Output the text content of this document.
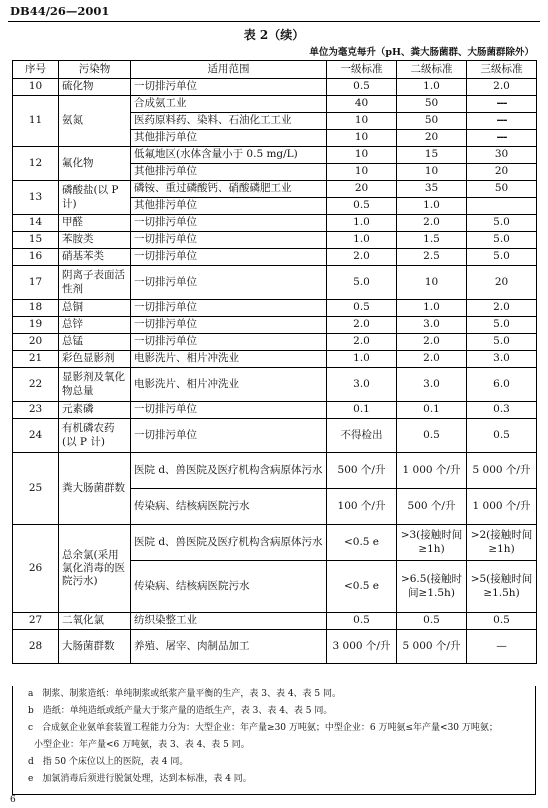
DB44/26—2001
表 2（续）
单位为毫克每升（pH、粪大肠菌群、大肠菌群除外）
序号	污染物	适用范围	一级标准	二级标准	三级标准
10	硫化物	一切排污单位	0.5	1.0	2.0
11	氨氮	合成氨工业	40	50	---
		医药原料药、染料、石油化工工业	10	50	---
		其他排污单位	10	20	---
12	氟化物	低氟地区(水体含量小于 0.5 mg/L)	10	15	30
		其他排污单位	10	10	20
13	磷酸盐(以 P 计)	磷铵、重过磷酸钙、硝酸磷肥工业	20	35	50
		其他排污单位	0.5	1.0	
14	甲醛	一切排污单位	1.0	2.0	5.0
15	苯胺类	一切排污单位	1.0	1.5	5.0
16	硝基苯类	一切排污单位	2.0	2.5	5.0
17	阴离子表面活性剂	一切排污单位	5.0	10	20
18	总铜	一切排污单位	0.5	1.0	2.0
19	总锌	一切排污单位	2.0	3.0	5.0
20	总锰	一切排污单位	2.0	2.0	5.0
21	彩色显影剂	电影洗片、相片冲洗业	1.0	2.0	3.0
22	显影剂及氧化物总量	电影洗片、相片冲洗业	3.0	3.0	6.0
23	元素磷	一切排污单位	0.1	0.1	0.3
24	有机磷农药(以 P 计)	一切排污单位	不得检出	0.5	0.5
25	粪大肠菌群数	医院 d、兽医院及医疗机构含病原体污水	500 个/升	1 000 个/升	5 000 个/升
		传染病、结核病医院污水	100 个/升	500 个/升	1 000 个/升
26	总余氯(采用氯化消毒的医院污水)	医院 d、兽医院及医疗机构含病原体污水	<0.5 e	>3(接触时间≥1h)	>2(接触时间≥1h)
		传染病、结核病医院污水	<0.5 e	>6.5(接触时间≥1.5h)	>5(接触时间≥1.5h)
27	二氧化氯	纺织染整工业	0.5	0.5	0.5
28	大肠菌群数	养殖、屠宰、肉制品加工	3 000 个/升	5 000 个/升	—
a　制浆、制浆造纸：单纯制浆或纸浆产量平衡的生产，表 3、表 4、表 5 同。
b　造纸：单纯造纸或纸产量大于浆产量的造纸生产，表 3、表 4、表 5 同。
c　合成氨企业氨单套装置工程能力分为：大型企业：年产量≥30 万吨氨；中型企业：6 万吨氨≤年产量<30 万吨氨；
小型企业：年产量<6 万吨氨，表 3、表 4、表 5 同。
d　指 50 个床位以上的医院，表 4 同。
e　加氯消毒后须进行脱氯处理，达到本标准，表 4 同。
6
